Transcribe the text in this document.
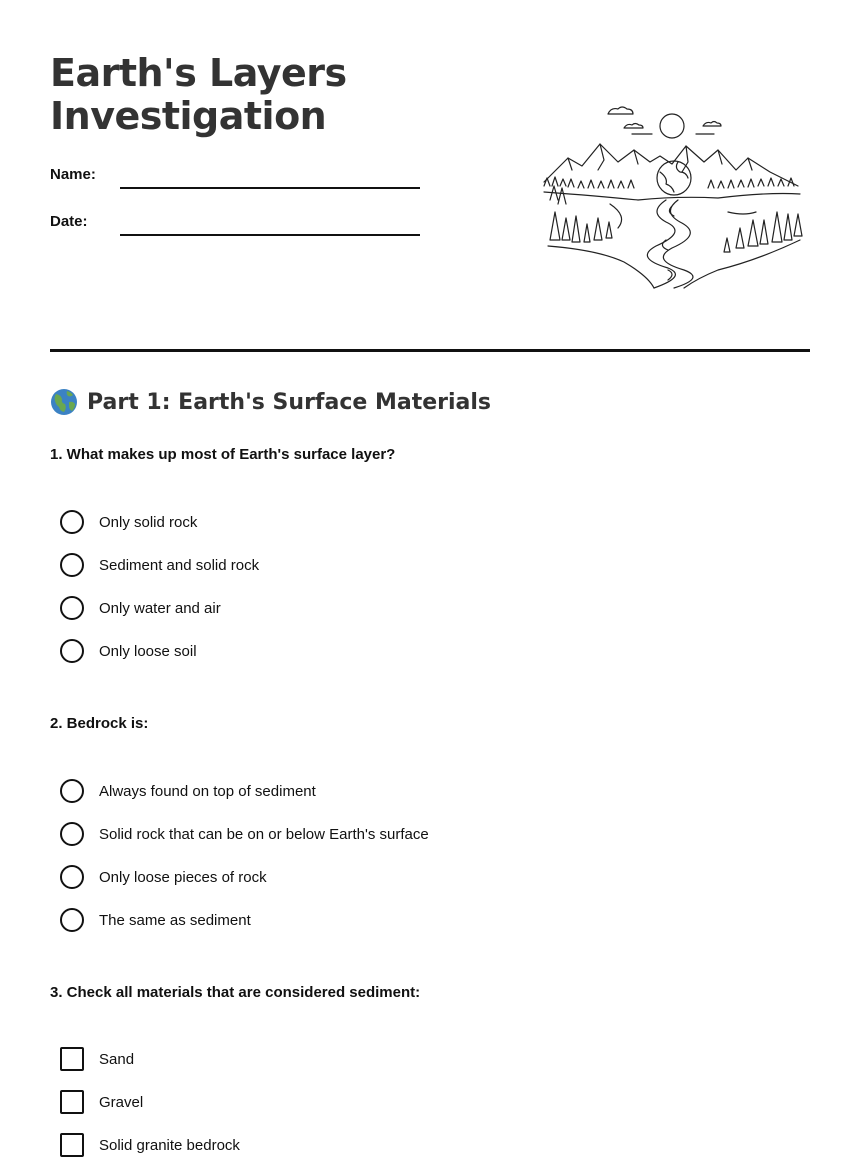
Earth's Layers Investigation
Name:
Date:
Part 1: Earth's Surface Materials
1. What makes up most of Earth's surface layer?
Only solid rock
Sediment and solid rock
Only water and air
Only loose soil
2. Bedrock is:
Always found on top of sediment
Solid rock that can be on or below Earth's surface
Only loose pieces of rock
The same as sediment
3. Check all materials that are considered sediment:
Sand
Gravel
Solid granite bedrock
